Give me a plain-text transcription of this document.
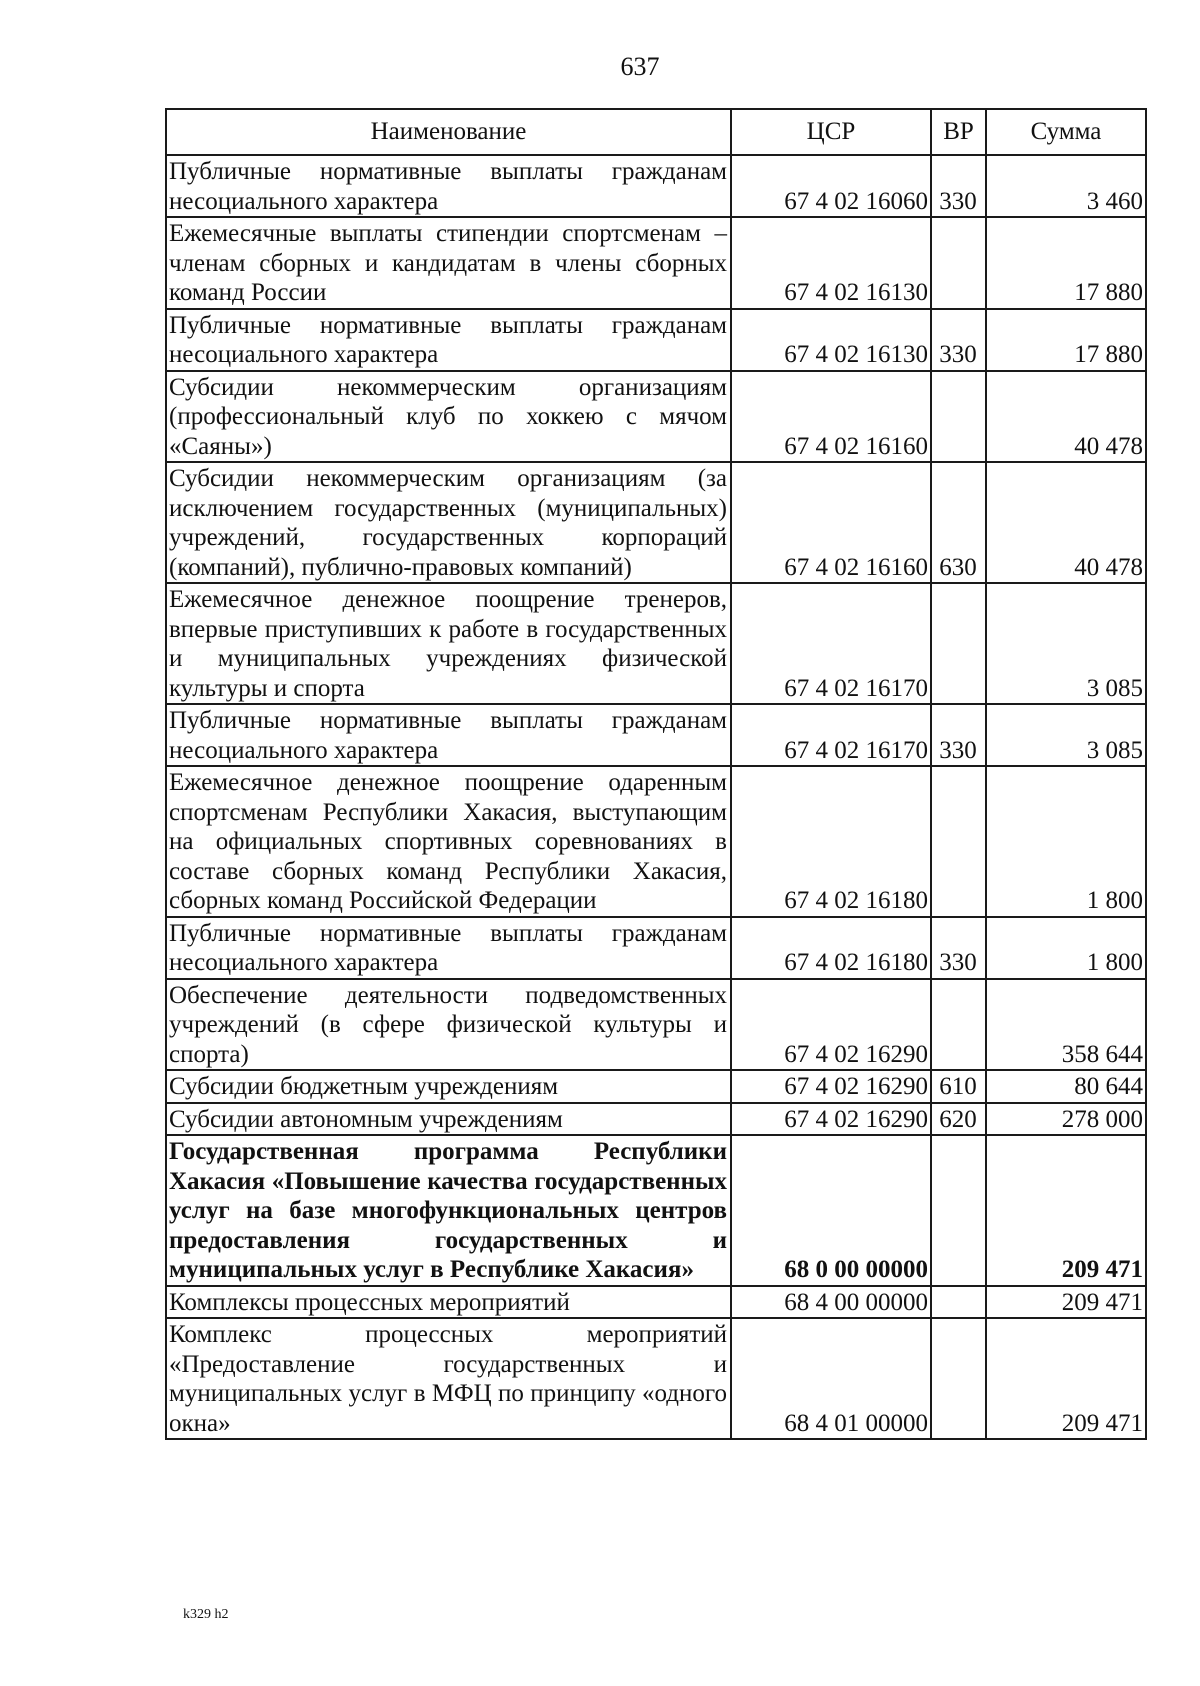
637
Наименование	ЦСР	ВР	Сумма
Публичные нормативные выплаты гражданам несоциального характера	67 4 02 16060	330	3 460
Ежемесячные выплаты стипендии спортсменам – членам сборных и кандидатам в члены сборных команд России	67 4 02 16130		17 880
Публичные нормативные выплаты гражданам несоциального характера	67 4 02 16130	330	17 880
Субсидии некоммерческим организациям (профессиональный клуб по хоккею с мячом «Саяны»)	67 4 02 16160		40 478
Субсидии некоммерческим организациям (за исключением государственных (муниципальных) учреждений, государственных корпораций (компаний), публично-правовых компаний)	67 4 02 16160	630	40 478
Ежемесячное денежное поощрение тренеров, впервые приступивших к работе в государственных и муниципальных учреждениях физической культуры и спорта	67 4 02 16170		3 085
Публичные нормативные выплаты гражданам несоциального характера	67 4 02 16170	330	3 085
Ежемесячное денежное поощрение одаренным спортсменам Республики Хакасия, выступающим на официальных спортивных соревнованиях в составе сборных команд Республики Хакасия, сборных команд Российской Федерации	67 4 02 16180		1 800
Публичные нормативные выплаты гражданам несоциального характера	67 4 02 16180	330	1 800
Обеспечение деятельности подведомственных учреждений (в сфере физической культуры и спорта)	67 4 02 16290		358 644
Субсидии бюджетным учреждениям	67 4 02 16290	610	80 644
Субсидии автономным учреждениям	67 4 02 16290	620	278 000
Государственная программа Республики Хакасия «Повышение качества государственных услуг на базе многофункциональных центров предоставления государственных и муниципальных услуг в Республике Хакасия»	68 0 00 00000		209 471
Комплексы процессных мероприятий	68 4 00 00000		209 471
Комплекс процессных мероприятий «Предоставление государственных и муниципальных услуг в МФЦ по принципу «одного окна»	68 4 01 00000		209 471
k329 h2
